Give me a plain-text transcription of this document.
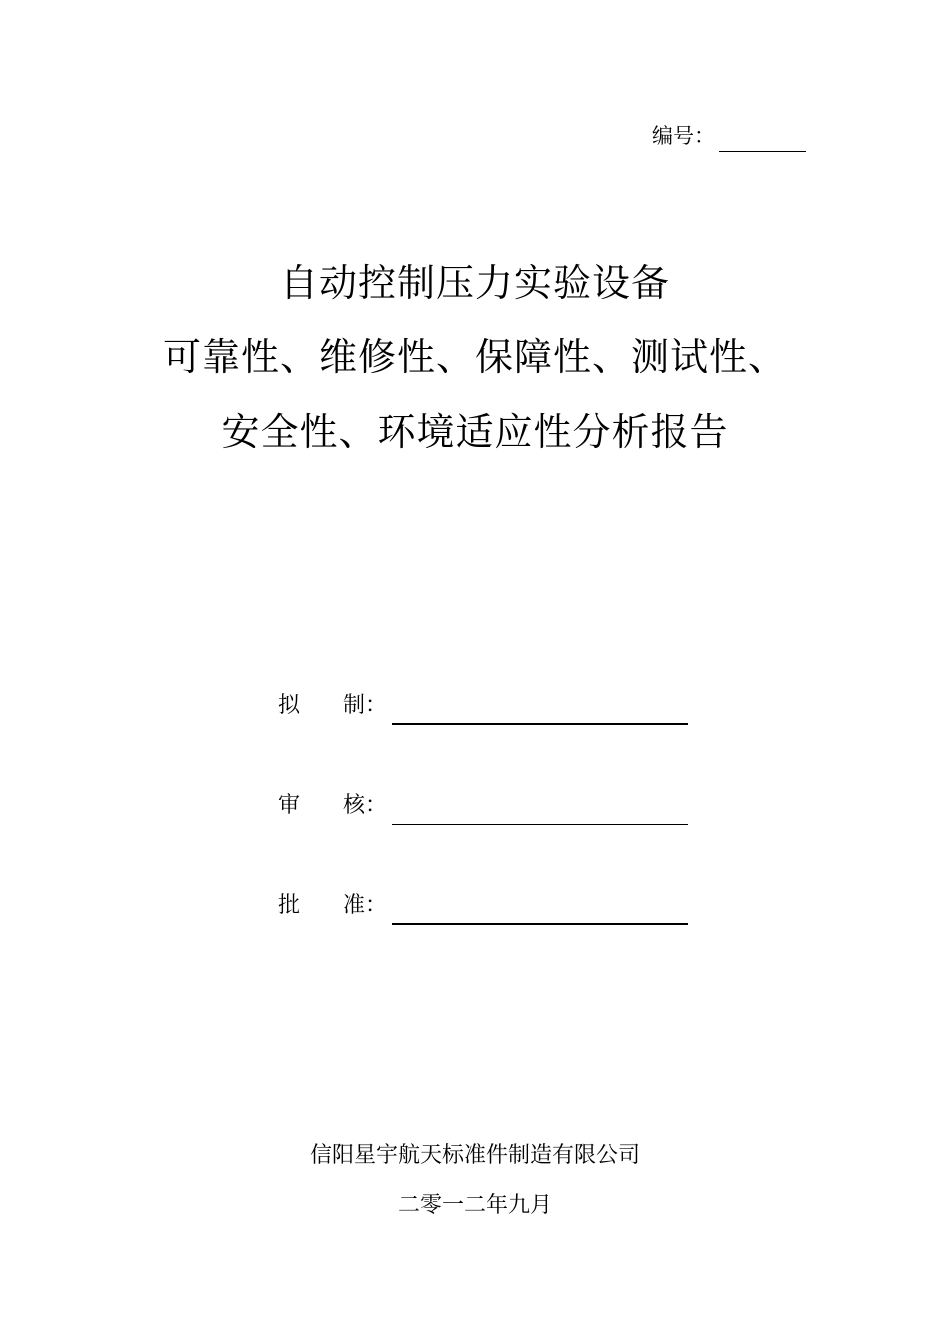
编号：
自动控制压力实验设备
可靠性、维修性、保障性、测试性、
安全性、环境适应性分析报告
拟 制：
审 核：
批 准：
信阳星宇航天标准件制造有限公司
二零一二年九月
